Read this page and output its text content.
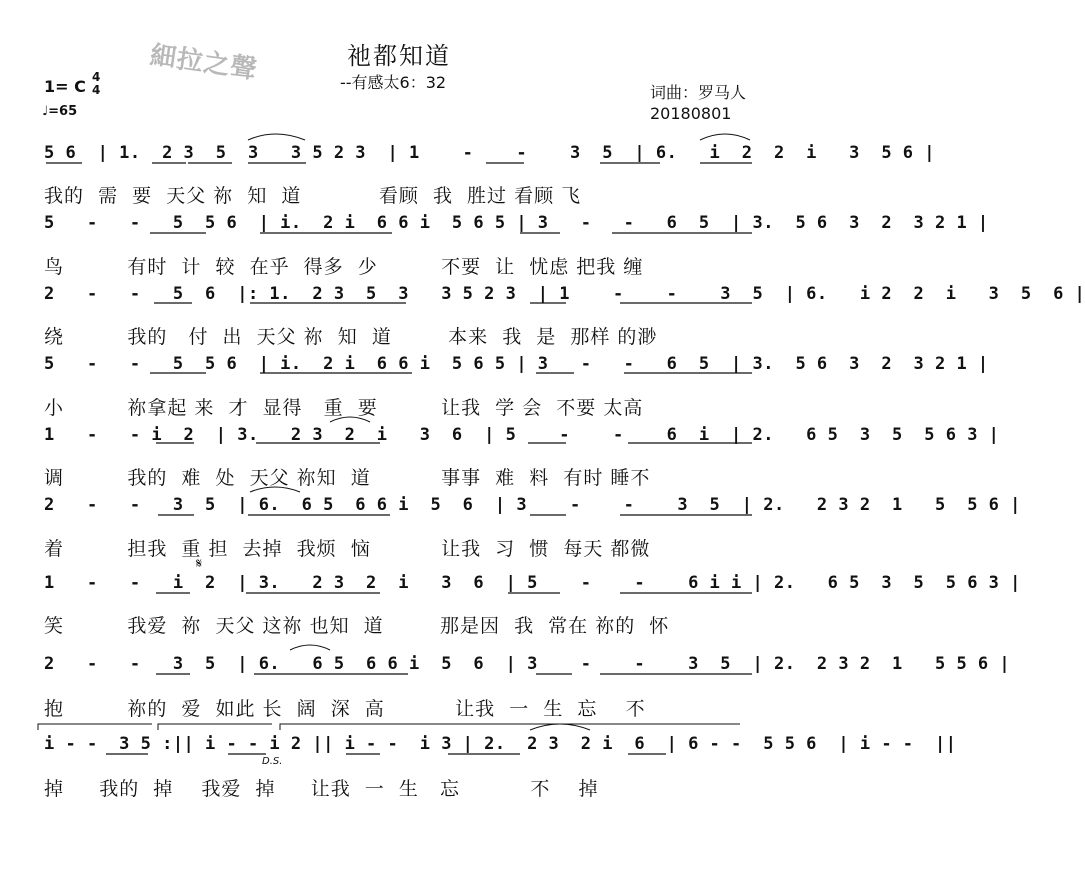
祂都知道
--有感太6：32
細拉之聲
1= C 4
4
♩=65
词曲：罗马人
20180801
5 6  | 1.  2 3  5  3   3 5 2 3  | 1    -    -    3  5  | 6.   i  2  2  i   3  5 6 |
我的  需  要  天父 祢  知  道           看顾  我  胜过 看顾 飞
5   -   -   5  5 6  | i.  2 i  6 6 i  5 6 5 | 3   -   -   6  5  | 3.  5 6  3  2  3 2 1 |
鸟         有时  计  较  在乎  得多  少         不要  让  忧虑 把我 缠
2   -   -   5  6  |: 1.  2 3  5  3   3 5 2 3  | 1    -    -    3  5  | 6.   i 2  2  i   3  5  6 |
绕         我的   付  出  天父 祢  知  道        本来  我  是  那样 的渺
5   -   -   5  5 6  | i.  2 i  6 6 i  5 6 5 | 3   -   -   6  5  | 3.  5 6  3  2  3 2 1 |
小         祢拿起 来  才  显得   重  要         让我  学 会  不要 太高
1   -   - i  2  | 3.   2 3  2  i   3  6  | 5    -    -    6  i  | 2.   6 5  3  5  5 6 3 |
调         我的  难  处  天父 祢知  道          事事  难  料  有时 睡不
2   -   -   3  5  | 6.  6 5  6 6 i  5  6  | 3    -    -    3  5  | 2.   2 3 2  1   5  5 6 |
着         担我  重 担  去掉  我烦  恼          让我  习  惯  每天 都微
𝄋
1   -   -   i  2  | 3.   2 3  2  i   3  6  | 5    -    -    6 i i | 2.   6 5  3  5  5 6 3 |
笑         我爱  祢  天父 这祢 也知  道        那是因  我  常在 祢的  怀
2   -   -   3  5  | 6.   6 5  6 6 i  5  6  | 3    -    -    3  5  | 2.  2 3 2  1   5 5 6 |
抱         祢的  爱  如此 长  阔  深  高          让我  一  生  忘    不
i - -  3 5 :|| i - - i 2 || i - -  i 3 | 2.  2 3  2 i  6  | 6 - -  5 5 6  | i - -  ||
D.S.
掉     我的  掉    我爱  掉     让我  一  生   忘          不    掉
